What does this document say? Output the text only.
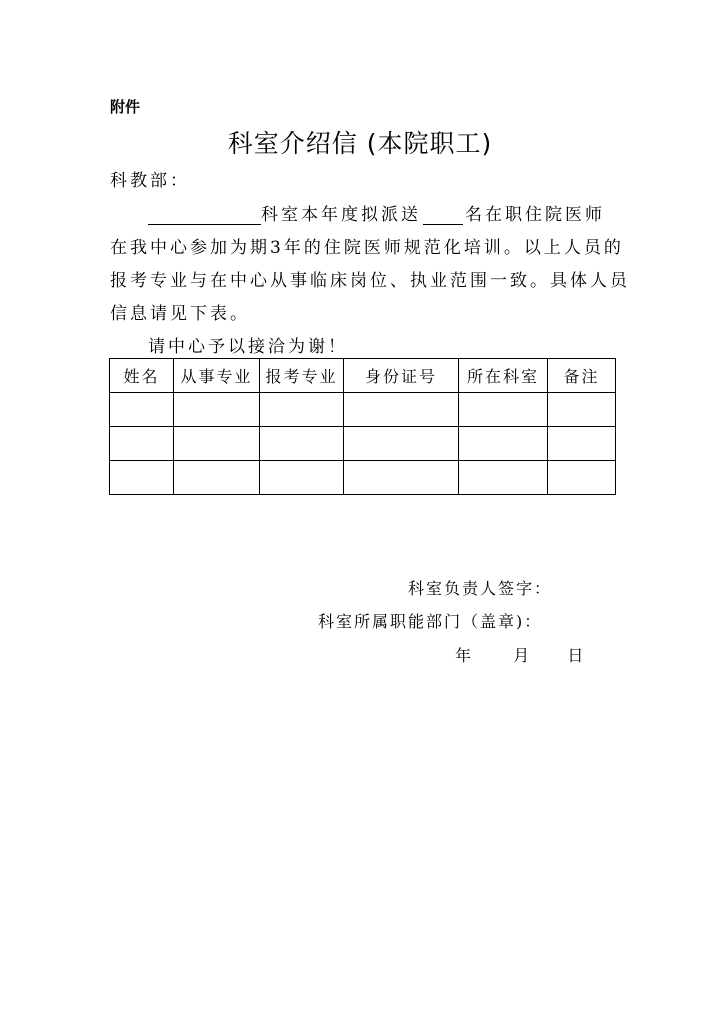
附件
科室介绍信 (本院职工)
科教部：
科室本年度拟派送	名在职住院医师
在我中心参加为期3年的住院医师规范化培训。以上人员的
报考专业与在中心从事临床岗位、执业范围一致。具体人员
信息请见下表。
请中心予以接洽为谢！
姓名	从事专业	报考专业	身份证号	所在科室	备注

科室负责人签字：
科室所属职能部门（盖章)：
年	月 日
